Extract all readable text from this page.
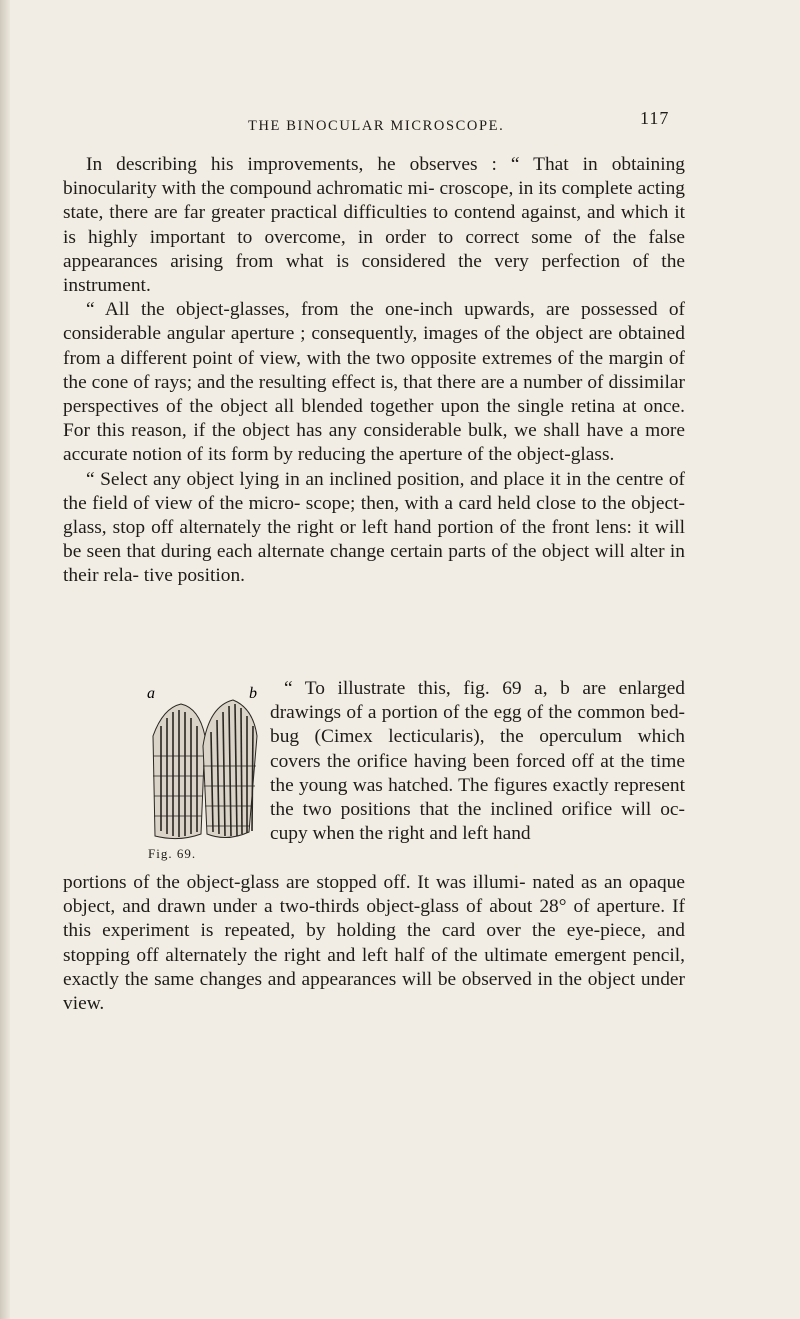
THE BINOCULAR MICROSCOPE.	117

In describing his improvements, he observes : “ That in obtaining binocularity with the compound achromatic mi- croscope, in its complete acting state, there are far greater practical difficulties to contend against, and which it is highly important to overcome, in order to correct some of the false appearances arising from what is considered the very perfection of the instrument.

“ All the object-glasses, from the one-inch upwards, are possessed of considerable angular aperture ; consequently, images of the object are obtained from a different point of view, with the two opposite extremes of the margin of the cone of rays; and the resulting effect is, that there are a number of dissimilar perspectives of the object all blended together upon the single retina at once. For this reason, if the object has any considerable bulk, we shall have a more accurate notion of its form by reducing the aperture of the object-glass.

“ Select any object lying in an inclined position, and place it in the centre of the field of view of the micro- scope; then, with a card held close to the object-glass, stop off alternately the right or left hand portion of the front lens: it will be seen that during each alternate change certain parts of the object will alter in their rela- tive position.

a	b
Fig. 69.

“ To illustrate this, fig. 69 a, b are enlarged drawings of a portion of the egg of the common bed-bug (Cimex lecticularis), the operculum which covers the orifice having been forced off at the time the young was hatched. The figures exactly represent the two positions that the inclined orifice will oc- cupy when the right and left hand

portions of the object-glass are stopped off. It was illumi- nated as an opaque object, and drawn under a two-thirds object-glass of about 28° of aperture. If this experiment is repeated, by holding the card over the eye-piece, and stopping off alternately the right and left half of the ultimate emergent pencil, exactly the same changes and appearances will be observed in the object under view.
